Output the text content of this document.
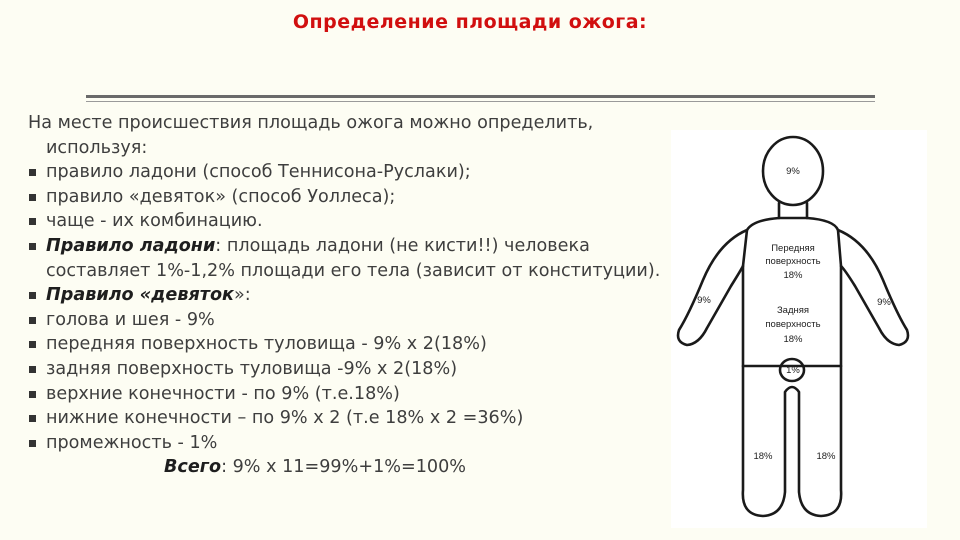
Определение площади ожога:

На месте происшествия площадь ожога можно определить, используя:

правило ладони (способ Теннисона-Руслаки);
правило «девяток» (способ Уоллеса);
чаще - их комбинацию.
Правило ладони: площадь ладони (не кисти!!) человека составляет 1%-1,2% площади его тела (зависит от конституции).
Правило «девяток»:
голова и шея - 9%
передняя поверхность туловища - 9% х 2(18%)
задняя поверхность туловища -9% х 2(18%)
верхние конечности - по 9% (т.е.18%)
нижние конечности – по 9% х 2 (т.е 18% х 2 =36%)
промежность - 1%

Всего: 9% х 11=99%+1%=100%

9%
Передняя
поверхность
18%
Задняя
поверхность
18%
9%	9%
1%
18%	18%
